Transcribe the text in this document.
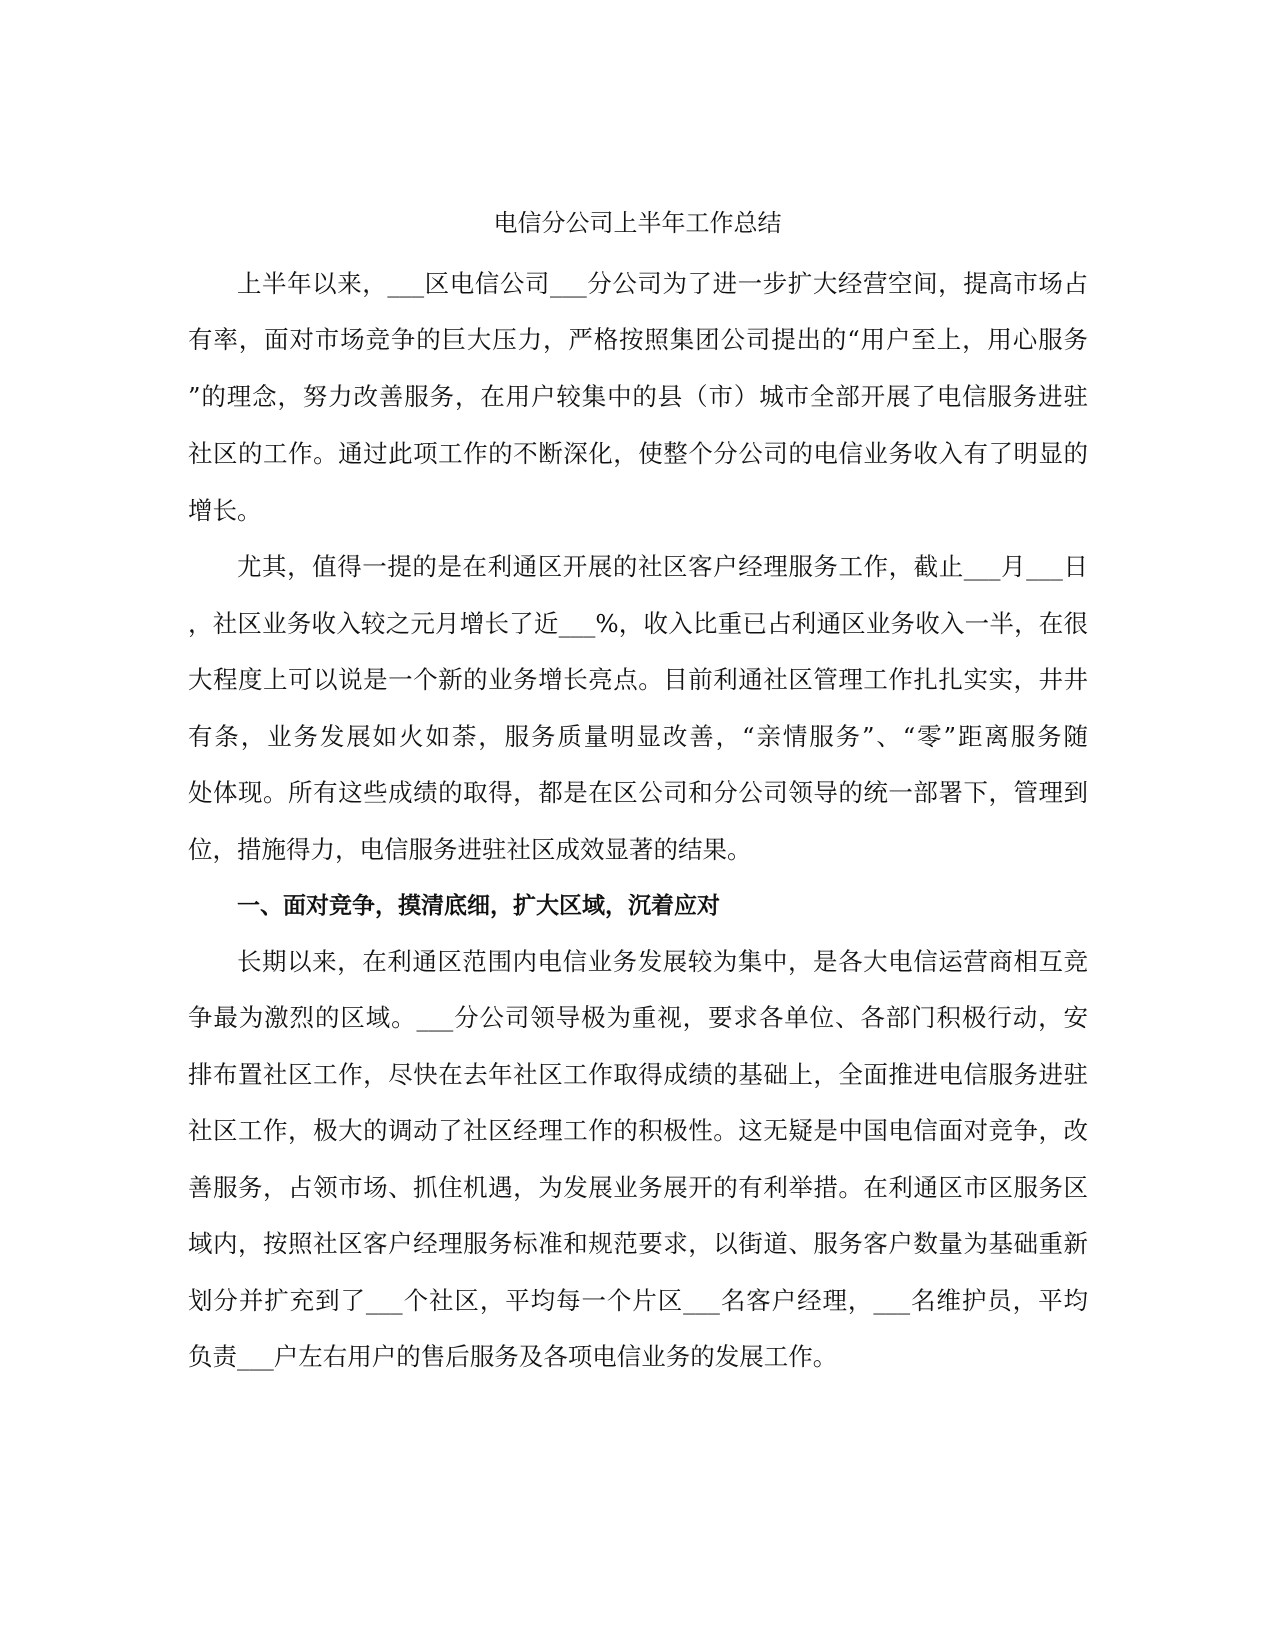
电信分公司上半年工作总结
上半年以来，___区电信公司___分公司为了进一步扩大经营空间，提高市场占
有率，面对市场竞争的巨大压力，严格按照集团公司提出的“用户至上，用心服务
”的理念，努力改善服务，在用户较集中的县（市）城市全部开展了电信服务进驻
社区的工作。通过此项工作的不断深化，使整个分公司的电信业务收入有了明显的
增长。
尤其，值得一提的是在利通区开展的社区客户经理服务工作，截止___月___日
，社区业务收入较之元月增长了近___%，收入比重已占利通区业务收入一半，在很
大程度上可以说是一个新的业务增长亮点。目前利通社区管理工作扎扎实实，井井
有条，业务发展如火如荼，服务质量明显改善，“亲情服务”、“零”距离服务随
处体现。所有这些成绩的取得，都是在区公司和分公司领导的统一部署下，管理到
位，措施得力，电信服务进驻社区成效显著的结果。
一、面对竞争，摸清底细，扩大区域，沉着应对
长期以来，在利通区范围内电信业务发展较为集中，是各大电信运营商相互竞
争最为激烈的区域。___分公司领导极为重视，要求各单位、各部门积极行动，安
排布置社区工作，尽快在去年社区工作取得成绩的基础上，全面推进电信服务进驻
社区工作，极大的调动了社区经理工作的积极性。这无疑是中国电信面对竞争，改
善服务，占领市场、抓住机遇，为发展业务展开的有利举措。在利通区市区服务区
域内，按照社区客户经理服务标准和规范要求，以街道、服务客户数量为基础重新
划分并扩充到了___个社区，平均每一个片区___名客户经理，___名维护员，平均
负责___户左右用户的售后服务及各项电信业务的发展工作。
